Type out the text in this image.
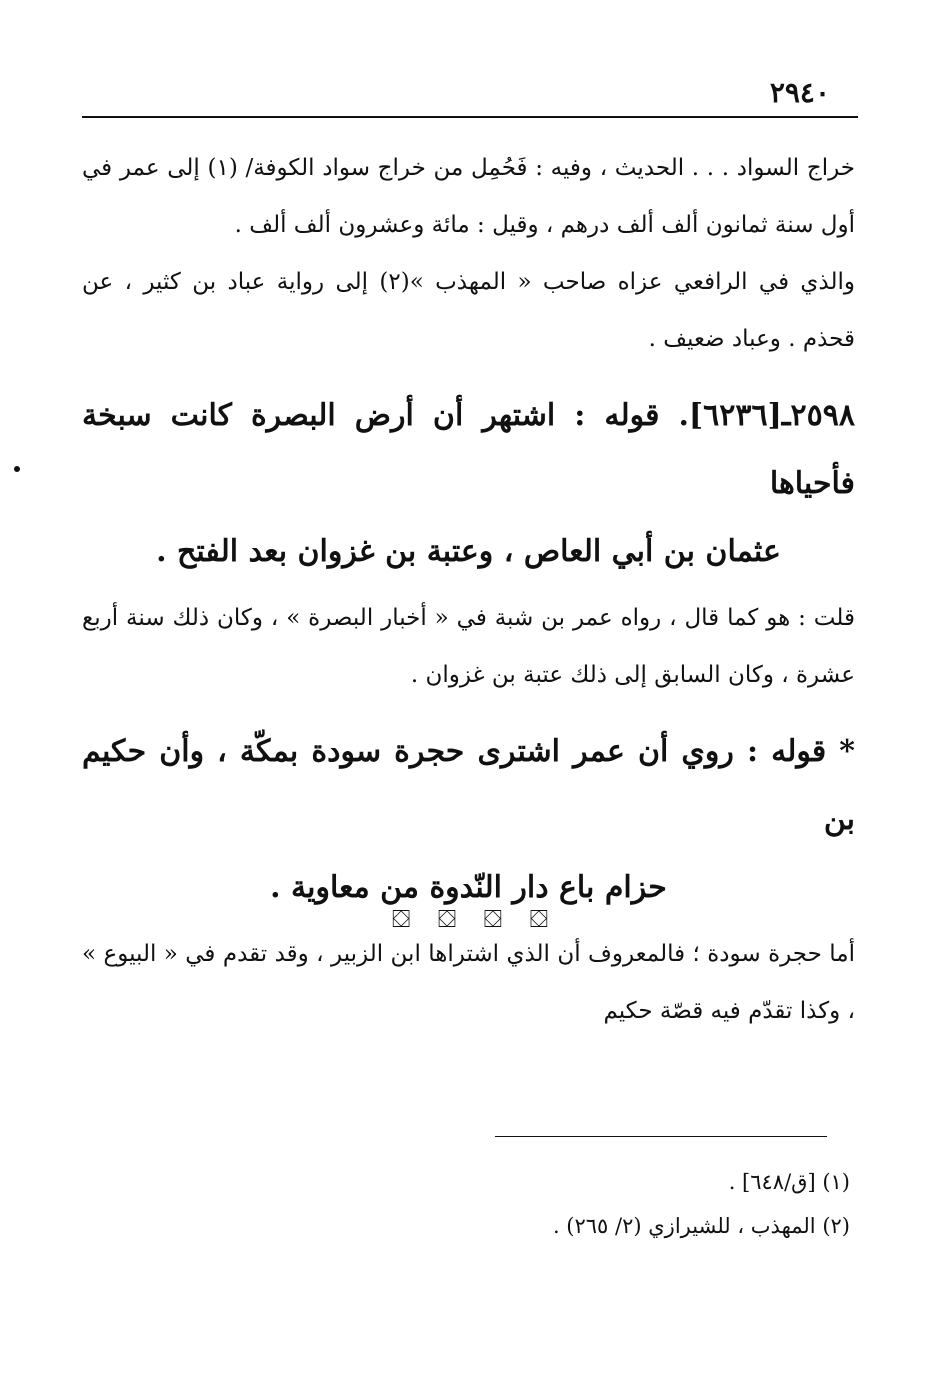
٢٩٤٠

خراج السواد . . . الحديث ، وفيه : فَحُمِل من خراج سواد الكوفة/ (١) إلى عمر في أول سنة ثمانون ألف ألف درهم ، وقيل : مائة وعشرون ألف ألف .

والذي في الرافعي عزاه صاحب « المهذب »(٢) إلى رواية عباد بن كثير ، عن قحذم . وعباد ضعيف .

٢٥٩٨ـ[٦٢٣٦]. قوله : اشتهر أن أرض البصرة كانت سبخة فأحياها
عثمان بن أبي العاص ، وعتبة بن غزوان بعد الفتح .

قلت : هو كما قال ، رواه عمر بن شبة في « أخبار البصرة » ، وكان ذلك سنة أربع عشرة ، وكان السابق إلى ذلك عتبة بن غزوان .

* قوله : روي أن عمر اشترى حجرة سودة بمكّة ، وأن حكيم بن
حزام باع دار النّدوة من معاوية .

أما حجرة سودة ؛ فالمعروف أن الذي اشتراها ابن الزبير ، وقد تقدم في « البيوع » ، وكذا تقدّم فيه قصّة حكيم

⛋ ⛋ ⛋ ⛋
(١) [ق/٦٤٨] .
(٢) المهذب ، للشيرازي (٢/ ٢٦٥) .
